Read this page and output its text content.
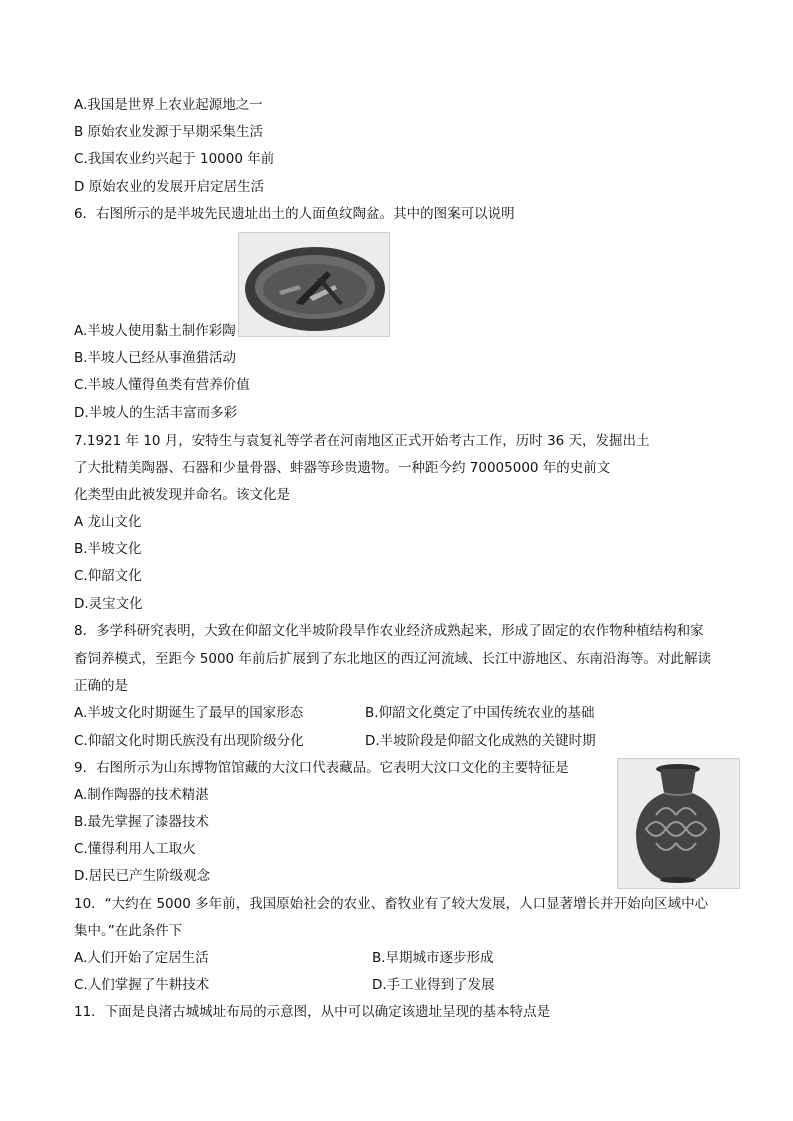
A.我国是世界上农业起源地之一
B 原始农业发源于早期采集生活
C.我国农业约兴起于 10000 年前
D 原始农业的发展开启定居生活
6．右图所示的是半坡先民遗址出土的人面鱼纹陶盆。其中的图案可以说明
A.半坡人使用黏土制作彩陶
B.半坡人已经从事渔猎活动
C.半坡人懂得鱼类有营养价值
D.半坡人的生活丰富而多彩
7.1921 年 10 月，安特生与袁复礼等学者在河南地区正式开始考古工作，历时 36 天，发掘出土
了大批精美陶器、石器和少量骨器、蚌器等珍贵遗物。一种距今约 70005000 年的史前文
化类型由此被发现并命名。该文化是
A 龙山文化
B.半坡文化
C.仰韶文化
D.灵宝文化
8．多学科研究表明，大致在仰韶文化半坡阶段旱作农业经济成熟起来，形成了固定的农作物种植结构和家
畜饲养模式，至距今 5000 年前后扩展到了东北地区的西辽河流域、长江中游地区、东南沿海等。对此解读
正确的是
A.半坡文化时期诞生了最早的国家形态	B.仰韶文化奠定了中国传统农业的基础
C.仰韶文化时期氏族没有出现阶级分化	D.半坡阶段是仰韶文化成熟的关键时期
9．右图所示为山东博物馆馆藏的大汶口代表藏品。它表明大汶口文化的主要特征是
A.制作陶器的技术精湛
B.最先掌握了漆器技术
C.懂得利用人工取火
D.居民已产生阶级观念
10．“大约在 5000 多年前，我国原始社会的农业、畜牧业有了较大发展，人口显著增长并开始向区域中心
集中。”在此条件下
A.人们开始了定居生活	B.早期城市逐步形成
C.人们掌握了牛耕技术	D.手工业得到了发展
11．下面是良渚古城城址布局的示意图，从中可以确定该遗址呈现的基本特点是
